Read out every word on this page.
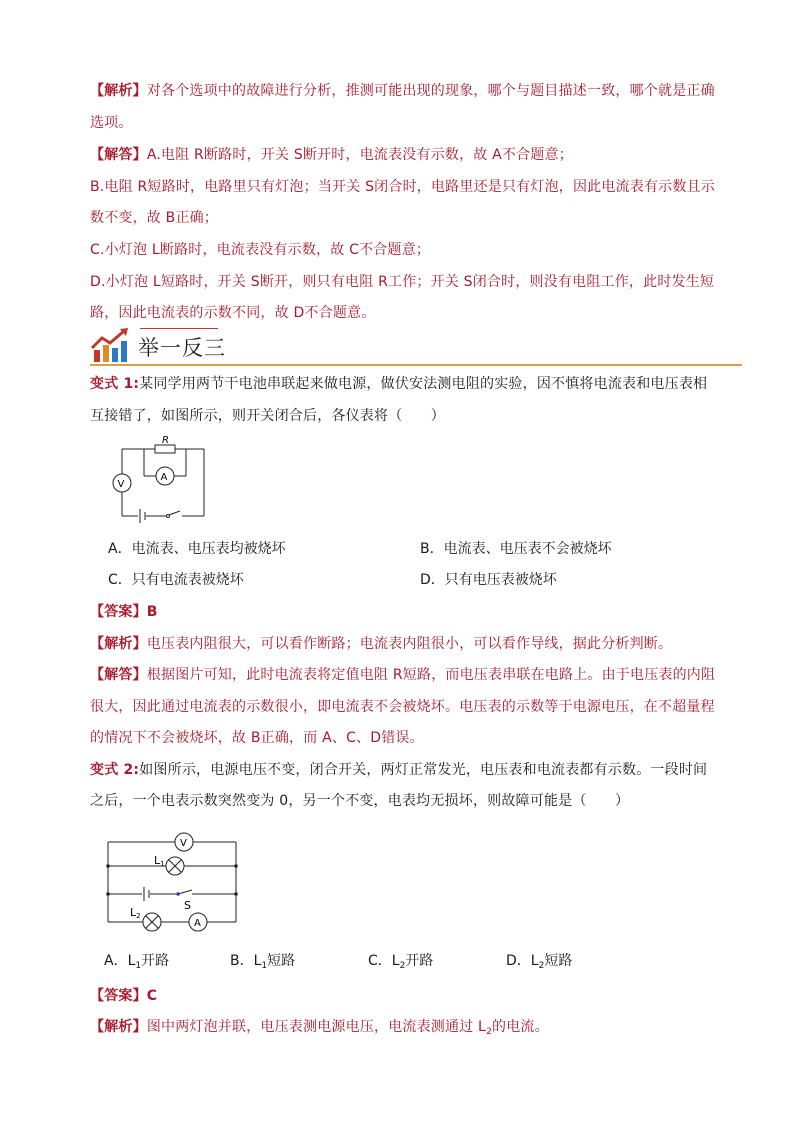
【解析】对各个选项中的故障进行分析，推测可能出现的现象，哪个与题目描述一致，哪个就是正确
选项。
【解答】A.电阻 R断路时，开关 S断开时，电流表没有示数，故 A不合题意；
B.电阻 R短路时，电路里只有灯泡；当开关 S闭合时，电路里还是只有灯泡，因此电流表有示数且示
数不变，故 B正确；
C.小灯泡 L断路时，电流表没有示数，故 C不合题意；
D.小灯泡 L短路时，开关 S断开，则只有电阻 R工作；开关 S闭合时，则没有电阻工作，此时发生短
路，因此电流表的示数不同，故 D不合题意。
举一反三
变式 1:某同学用两节干电池串联起来做电源，做伏安法测电阻的实验，因不慎将电流表和电压表相
互接错了，如图所示，则开关闭合后，各仪表将（　　）
R
V
A
A．电流表、电压表均被烧坏	B．电流表、电压表不会被烧坏
C．只有电流表被烧坏	D．只有电压表被烧坏
【答案】B
【解析】电压表内阻很大，可以看作断路；电流表内阻很小，可以看作导线，据此分析判断。
【解答】根据图片可知，此时电流表将定值电阻 R短路，而电压表串联在电路上。由于电压表的内阻
很大，因此通过电流表的示数很小，即电流表不会被烧坏。电压表的示数等于电源电压，在不超量程
的情况下不会被烧坏，故 B正确，而 A、C、D错误。
变式 2:如图所示，电源电压不变，闭合开关，两灯正常发光，电压表和电流表都有示数。一段时间
之后，一个电表示数突然变为 0，另一个不变，电表均无损坏，则故障可能是（　　）
V
A
L1
L2
S
A．$L_1$开路	B．$L_1$短路	C．$L_2$开路	D．$L_2$短路
【答案】C
【解析】图中两灯泡并联，电压表测电源电压，电流表测通过 $L_2$的电流。
